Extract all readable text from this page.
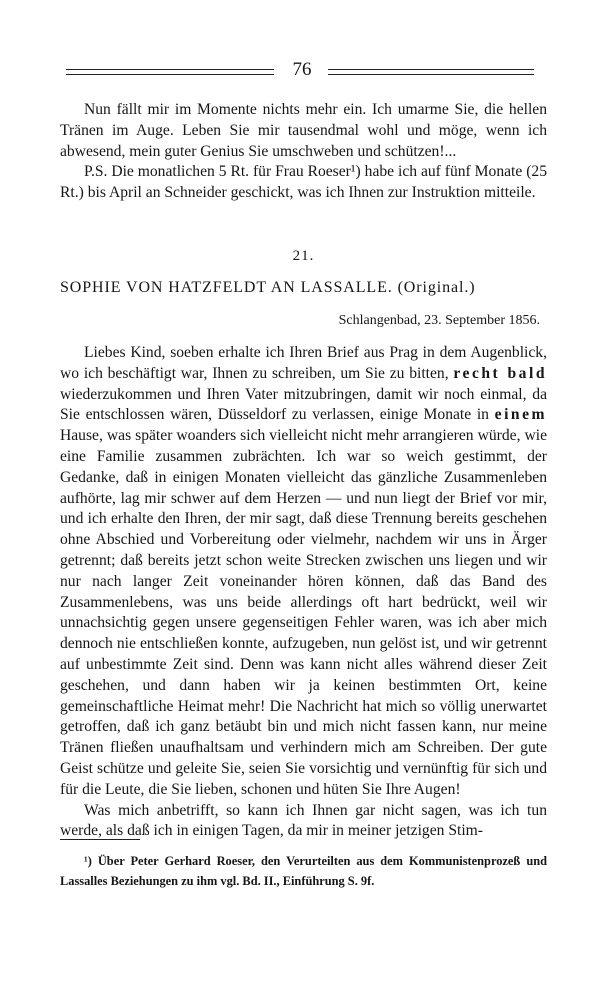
76

Nun fällt mir im Momente nichts mehr ein. Ich umarme Sie, die hellen Tränen im Auge. Leben Sie mir tausendmal wohl und möge, wenn ich abwesend, mein guter Genius Sie umschweben und schützen!...

P.S. Die monatlichen 5 Rt. für Frau Roeser¹) habe ich auf fünf Monate (25 Rt.) bis April an Schneider geschickt, was ich Ihnen zur Instruktion mitteile.

21.
SOPHIE VON HATZFELDT AN LASSALLE. (Original.)
Schlangenbad, 23. September 1856.

Liebes Kind, soeben erhalte ich Ihren Brief aus Prag in dem Augenblick, wo ich beschäftigt war, Ihnen zu schreiben, um Sie zu bitten, recht bald wiederzukommen und Ihren Vater mitzubringen, damit wir noch einmal, da Sie entschlossen wären, Düsseldorf zu verlassen, einige Monate in einem Hause, was später woanders sich vielleicht nicht mehr arrangieren würde, wie eine Familie zusammen zubrächten. Ich war so weich gestimmt, der Gedanke, daß in einigen Monaten vielleicht das gänzliche Zusammenleben aufhörte, lag mir schwer auf dem Herzen — und nun liegt der Brief vor mir, und ich erhalte den Ihren, der mir sagt, daß diese Trennung bereits geschehen ohne Abschied und Vorbereitung oder vielmehr, nachdem wir uns in Ärger getrennt; daß bereits jetzt schon weite Strecken zwischen uns liegen und wir nur nach langer Zeit voneinander hören können, daß das Band des Zusammenlebens, was uns beide allerdings oft hart bedrückt, weil wir unnachsichtig gegen unsere gegenseitigen Fehler waren, was ich aber mich dennoch nie entschließen konnte, aufzugeben, nun gelöst ist, und wir getrennt auf unbestimmte Zeit sind. Denn was kann nicht alles während dieser Zeit geschehen, und dann haben wir ja keinen bestimmten Ort, keine gemeinschaftliche Heimat mehr! Die Nachricht hat mich so völlig unerwartet getroffen, daß ich ganz betäubt bin und mich nicht fassen kann, nur meine Tränen fließen unaufhaltsam und verhindern mich am Schreiben. Der gute Geist schütze und geleite Sie, seien Sie vorsichtig und vernünftig für sich und für die Leute, die Sie lieben, schonen und hüten Sie Ihre Augen!

Was mich anbetrifft, so kann ich Ihnen gar nicht sagen, was ich tun werde, als daß ich in einigen Tagen, da mir in meiner jetzigen Stim-

¹) Über Peter Gerhard Roeser, den Verurteilten aus dem Kommunistenprozeß und Lassalles Beziehungen zu ihm vgl. Bd. II., Einführung S. 9f.
